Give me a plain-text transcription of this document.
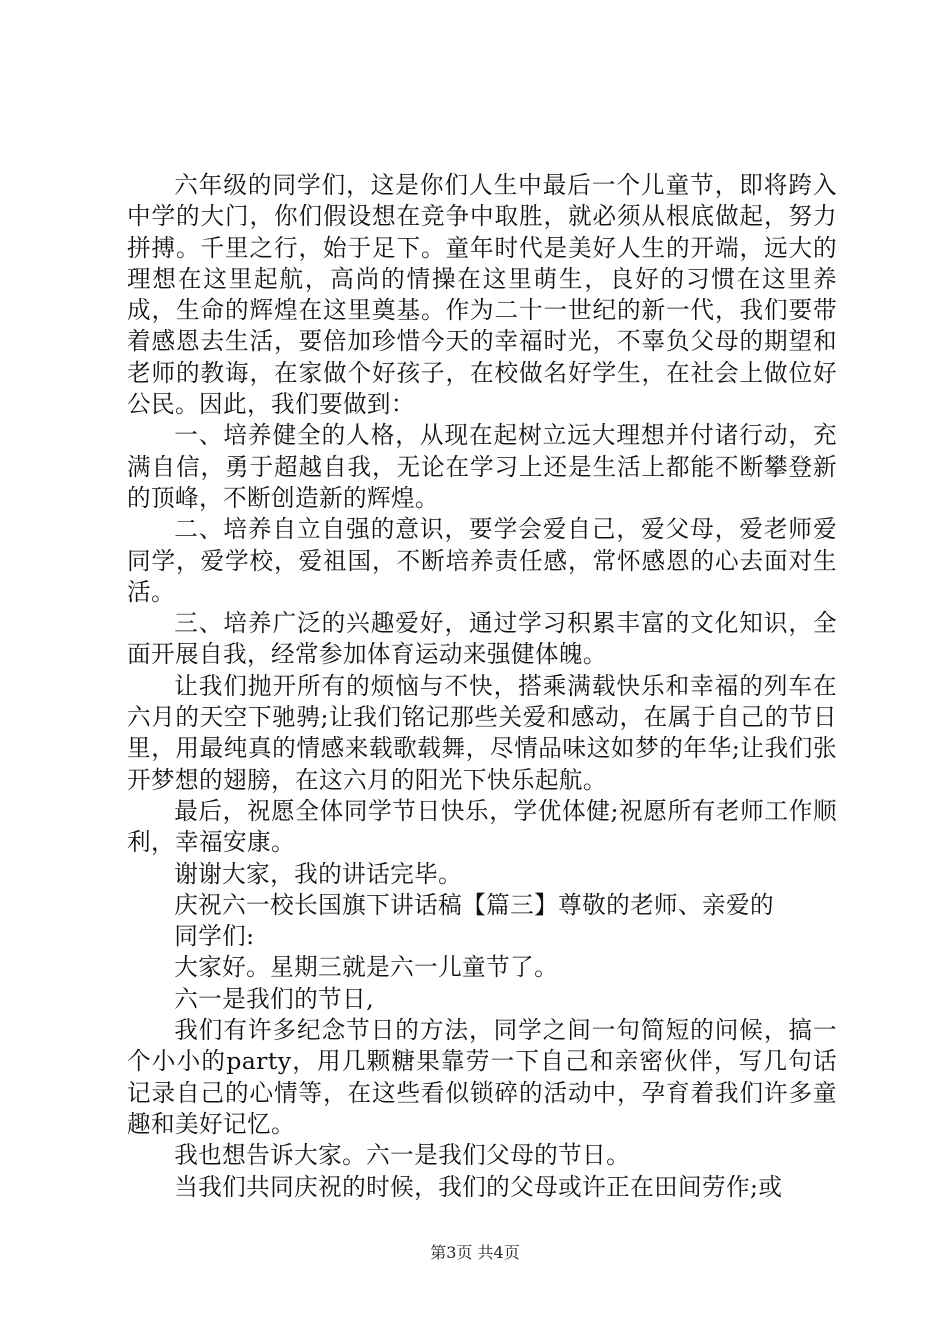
六年级的同学们，这是你们人生中最后一个儿童节，即将跨入中学的大门，你们假设想在竞争中取胜，就必须从根底做起，努力拼搏。千里之行，始于足下。童年时代是美好人生的开端，远大的理想在这里起航，高尚的情操在这里萌生，良好的习惯在这里养成，生命的辉煌在这里奠基。作为二十一世纪的新一代，我们要带着感恩去生活，要倍加珍惜今天的幸福时光，不辜负父母的期望和老师的教诲，在家做个好孩子，在校做名好学生，在社会上做位好公民。因此，我们要做到：

一、培养健全的人格，从现在起树立远大理想并付诸行动，充满自信，勇于超越自我，无论在学习上还是生活上都能不断攀登新的顶峰，不断创造新的辉煌。

二、培养自立自强的意识，要学会爱自己，爱父母，爱老师爱同学，爱学校，爱祖国，不断培养责任感，常怀感恩的心去面对生活。

三、培养广泛的兴趣爱好，通过学习积累丰富的文化知识，全面开展自我，经常参加体育运动来强健体魄。

让我们抛开所有的烦恼与不快，搭乘满载快乐和幸福的列车在六月的天空下驰骋;让我们铭记那些关爱和感动，在属于自己的节日里，用最纯真的情感来载歌载舞，尽情品味这如梦的年华;让我们张开梦想的翅膀，在这六月的阳光下快乐起航。

最后，祝愿全体同学节日快乐，学优体健;祝愿所有老师工作顺利，幸福安康。

谢谢大家，我的讲话完毕。

庆祝六一校长国旗下讲话稿【篇三】尊敬的老师、亲爱的

同学们:

大家好。星期三就是六一儿童节了。

六一是我们的节日,

我们有许多纪念节日的方法，同学之间一句简短的问候，搞一个小小的party，用几颗糖果靠劳一下自己和亲密伙伴，写几句话记录自己的心情等，在这些看似锁碎的活动中，孕育着我们许多童趣和美好记忆。

我也想告诉大家。六一是我们父母的节日。

当我们共同庆祝的时候，我们的父母或许正在田间劳作;或

第3页 共4页
